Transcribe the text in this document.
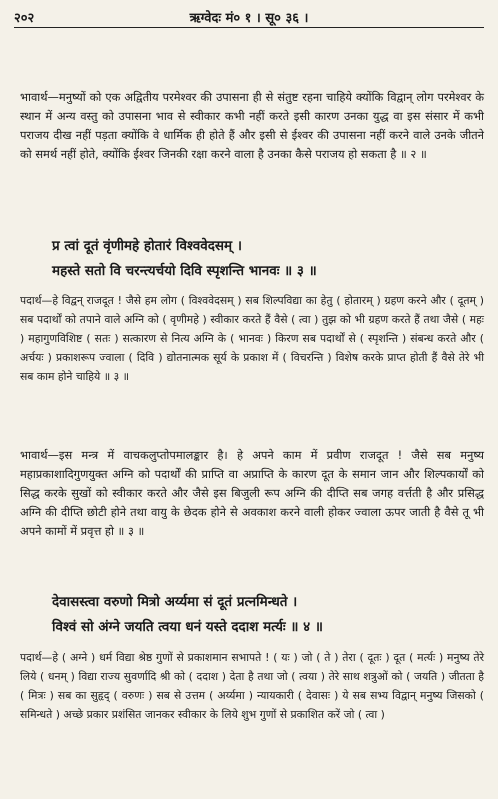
२०२	ऋग्वेदः मं० १ । सू० ३६ ।
भावार्थ—मनुष्यों को एक अद्वितीय परमेश्वर की उपासना ही से संतुष्ट रहना चाहिये क्योंकि विद्वान् लोग परमेश्वर के स्थान में अन्य वस्तु को उपासना भाव से स्वीकार कभी नहीं करते इसी कारण उनका युद्ध वा इस संसार में कभी पराजय दीख नहीं पड़ता क्योंकि वे धार्मिक ही होते हैं और इसी से ईश्वर की उपासना नहीं करने वाले उनके जीतने को समर्थ नहीं होते, क्योंकि ईश्वर जिनकी रक्षा करने वाला है उनका कैसे पराजय हो सकता है ॥ २ ॥
प्र त्वां दूतं वृंणीमहे होतारं विश्ववेदसम् ।
महस्ते सतो वि चरन्त्यर्चयो दिवि स्पृशन्ति भानवः ॥ ३ ॥
पदार्थ—हे विद्वन् राजदूत ! जैसे हम लोग ( विश्ववेदसम् ) सब शिल्पविद्या का हेतु ( होतारम् ) ग्रहण करने और ( दूतम् ) सब पदार्थों को तपाने वाले अग्नि को ( वृणीमहे ) स्वीकार करते हैं वैसे ( त्वा ) तुझ को भी ग्रहण करते हैं तथा जैसे ( महः ) महागुणविशिष्ट ( सतः ) सत्कारण से नित्य अग्नि के ( भानवः ) किरण सब पदार्थों से ( स्पृशन्ति ) संबन्ध करते और ( अर्चयः ) प्रकाशरूप ज्वाला ( दिवि ) द्योतनात्मक सूर्य के प्रकाश में ( विचरन्ति ) विशेष करके प्राप्त होती हैं वैसे तेरे भी सब काम होने चाहिये ॥ ३ ॥
भावार्थ—इस मन्त्र में वाचकलुप्तोपमालङ्कार है। हे अपने काम में प्रवीण राजदूत ! जैसे सब मनुष्य महाप्रकाशादिगुणयुक्त अग्नि को पदार्थों की प्राप्ति वा अप्राप्ति के कारण दूत के समान जान और शिल्पकार्यों को सिद्ध करके सुखों को स्वीकार करते और जैसे इस बिजुली रूप अग्नि की दीप्ति सब जगह वर्त्तती है और प्रसिद्ध अग्नि की दीप्ति छोटी होने तथा वायु के छेदक होने से अवकाश करने वाली होकर ज्वाला ऊपर जाती है वैसे तू भी अपने कामों में प्रवृत्त हो ॥ ३ ॥
देवासस्त्वा वरुणो मित्रो अर्य्यमा सं दूतं प्रत्नमिन्धते ।
विश्वं सो अंग्ने जयति त्वया धनं यस्ते ददाश मर्त्यः ॥ ४ ॥
पदार्थ—हे ( अग्ने ) धर्म विद्या श्रेष्ठ गुणों से प्रकाशमान सभापते ! ( यः ) जो ( ते ) तेरा ( दूतः ) दूत ( मर्त्यः ) मनुष्य तेरे लिये ( धनम् ) विद्या राज्य सुवर्णादि श्री को ( ददाश ) देता है तथा जो ( त्वया ) तेरे साथ शत्रुओं को ( जयति ) जीतता है ( मित्रः ) सब का सुहृद् ( वरुणः ) सब से उत्तम ( अर्य्यमा ) न्यायकारी ( देवासः ) ये सब सभ्य विद्वान् मनुष्य जिसको ( समिन्धते ) अच्छे प्रकार प्रशंसित जानकर स्वीकार के लिये शुभ गुणों से प्रकाशित करें जो ( त्वा )
